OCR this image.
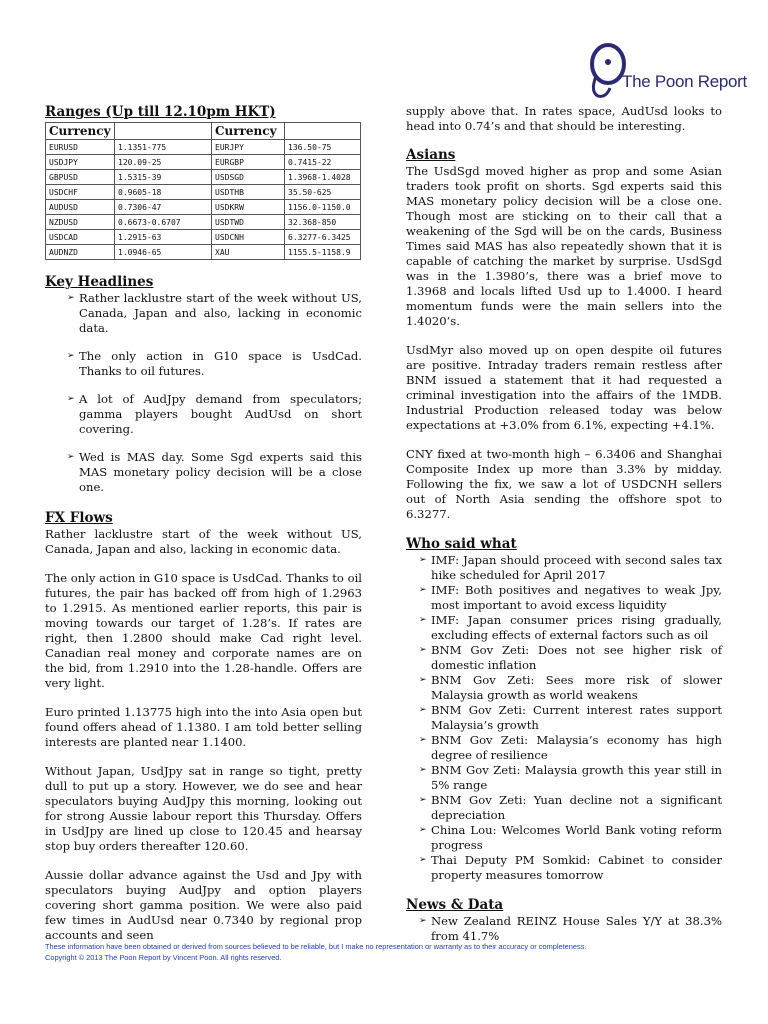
The Poon Report
Ranges (Up till 12.10pm HKT)
Currency		Currency	
EURUSD	1.1351-775	EURJPY	136.50-75
USDJPY	120.09-25	EURGBP	0.7415-22
GBPUSD	1.5315-39	USDSGD	1.3968-1.4028
USDCHF	0.9605-18	USDTHB	35.50-625
AUDUSD	0.7306-47	USDKRW	1156.0-1150.0
NZDUSD	0.6673-0.6707	USDTWD	32.368-850
USDCAD	1.2915-63	USDCNH	6.3277-6.3425
AUDNZD	1.0946-65	XAU	1155.5-1158.9
Key Headlines
➢ Rather lacklustre start of the week without US, Canada, Japan and also, lacking in economic data.
➢ The only action in G10 space is UsdCad. Thanks to oil futures.
➢ A lot of AudJpy demand from speculators; gamma players bought AudUsd on short covering.
➢ Wed is MAS day. Some Sgd experts said this MAS monetary policy decision will be a close one.
FX Flows

Rather lacklustre start of the week without US, Canada, Japan and also, lacking in economic data.

The only action in G10 space is UsdCad. Thanks to oil futures, the pair has backed off from high of 1.2963 to 1.2915. As mentioned earlier reports, this pair is moving towards our target of 1.28’s. If rates are right, then 1.2800 should make Cad right level. Canadian real money and corporate names are on the bid, from 1.2910 into the 1.28-handle. Offers are very light.

Euro printed 1.13775 high into the into Asia open but found offers ahead of 1.1380. I am told better selling interests are planted near 1.1400.

Without Japan, UsdJpy sat in range so tight, pretty dull to put up a story. However, we do see and hear speculators buying AudJpy this morning, looking out for strong Aussie labour report this Thursday. Offers in UsdJpy are lined up close to 120.45 and hearsay stop buy orders thereafter 120.60.

Aussie dollar advance against the Usd and Jpy with speculators buying AudJpy and option players covering short gamma position. We were also paid few times in AudUsd near 0.7340 by regional prop accounts and seen

supply above that. In rates space, AudUsd looks to head into 0.74’s and that should be interesting.

Asians

The UsdSgd moved higher as prop and some Asian traders took profit on shorts. Sgd experts said this MAS monetary policy decision will be a close one. Though most are sticking on to their call that a weakening of the Sgd will be on the cards, Business Times said MAS has also repeatedly shown that it is capable of catching the market by surprise. UsdSgd was in the 1.3980’s, there was a brief move to 1.3968 and locals lifted Usd up to 1.4000. I heard momentum funds were the main sellers into the 1.4020’s.

UsdMyr also moved up on open despite oil futures are positive. Intraday traders remain restless after BNM issued a statement that it had requested a criminal investigation into the affairs of the 1MDB. Industrial Production released today was below expectations at +3.0% from 6.1%, expecting +4.1%.

CNY fixed at two-month high – 6.3406 and Shanghai Composite Index up more than 3.3% by midday. Following the fix, we saw a lot of USDCNH sellers out of North Asia sending the offshore spot to 6.3277.

Who said what
➢ IMF: Japan should proceed with second sales tax hike scheduled for April 2017
➢ IMF: Both positives and negatives to weak Jpy, most important to avoid excess liquidity
➢ IMF: Japan consumer prices rising gradually, excluding effects of external factors such as oil
➢ BNM Gov Zeti: Does not see higher risk of domestic inflation
➢ BNM Gov Zeti: Sees more risk of slower Malaysia growth as world weakens
➢ BNM Gov Zeti: Current interest rates support Malaysia’s growth
➢ BNM Gov Zeti: Malaysia’s economy has high degree of resilience
➢ BNM Gov Zeti: Malaysia growth this year still in 5% range
➢ BNM Gov Zeti: Yuan decline not a significant depreciation
➢ China Lou: Welcomes World Bank voting reform progress
➢ Thai Deputy PM Somkid: Cabinet to consider property measures tomorrow
News & Data
➢ New Zealand REINZ House Sales Y/Y at 38.3% from 41.7%
These information have been obtained or derived from sources believed to be reliable, but I make no representation or warranty as to their accuracy or completeness.
Copyright © 2013 The Poon Report by Vincent Poon. All rights reserved.
